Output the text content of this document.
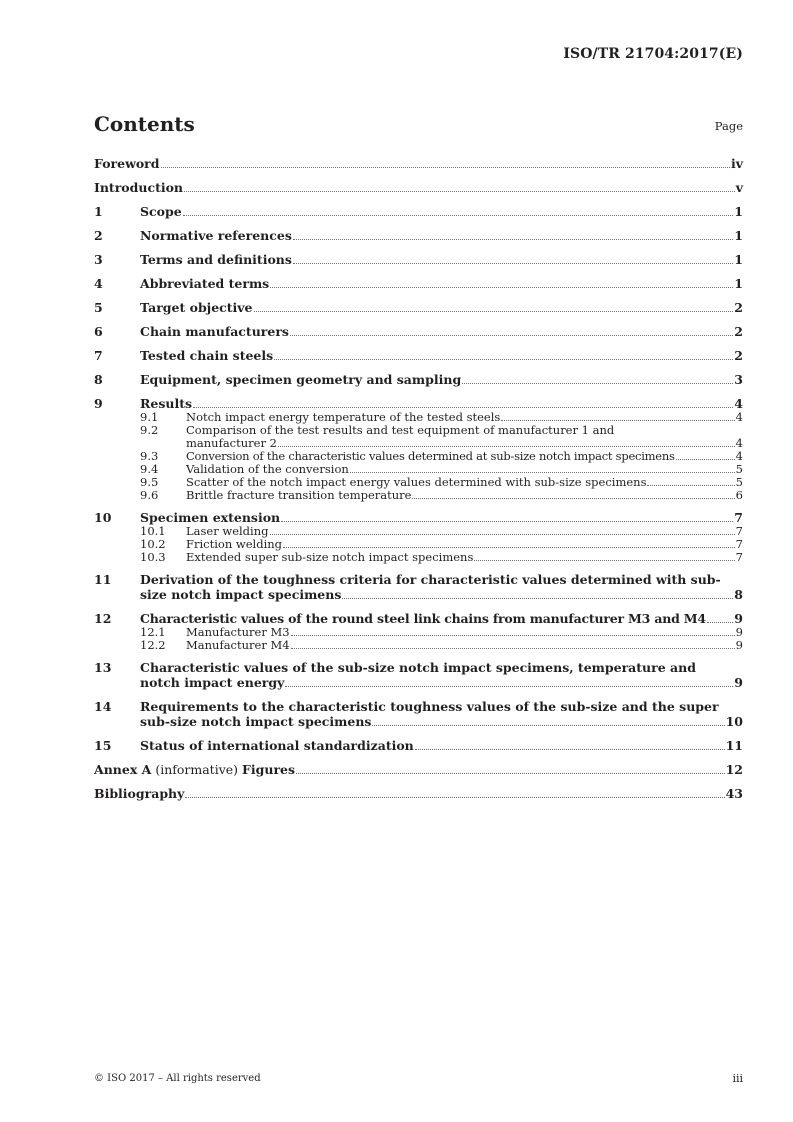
ISO/TR 21704:2017(E)
Contents	Page
Foreword	iv
Introduction	v
1	Scope	1
2	Normative references	1
3	Terms and definitions	1
4	Abbreviated terms	1
5	Target objective	2
6	Chain manufacturers	2
7	Tested chain steels	2
8	Equipment, specimen geometry and sampling	3
9	Results	4
9.1	Notch impact energy temperature of the tested steels	4
9.2	Comparison of the test results and test equipment of manufacturer 1 and
manufacturer 2	4
9.3	Conversion of the characteristic values determined at sub-size notch impact specimens	4
9.4	Validation of the conversion	5
9.5	Scatter of the notch impact energy values determined with sub-size specimens	5
9.6	Brittle fracture transition temperature	6
10	Specimen extension	7
10.1	Laser welding	7
10.2	Friction welding	7
10.3	Extended super sub-size notch impact specimens	7
11	Derivation of the toughness criteria for characteristic values determined with sub-
size notch impact specimens	8
12	Characteristic values of the round steel link chains from manufacturer M3 and M4 9
12.1	Manufacturer M3	9
12.2	Manufacturer M4	9
13	Characteristic values of the sub-size notch impact specimens, temperature and
notch impact energy	9
14	Requirements to the characteristic toughness values of the sub-size and the super
sub-size notch impact specimens	10
15	Status of international standardization	11
Annex A (informative) Figures	12
Bibliography	43
© ISO 2017 – All rights reserved	iii
